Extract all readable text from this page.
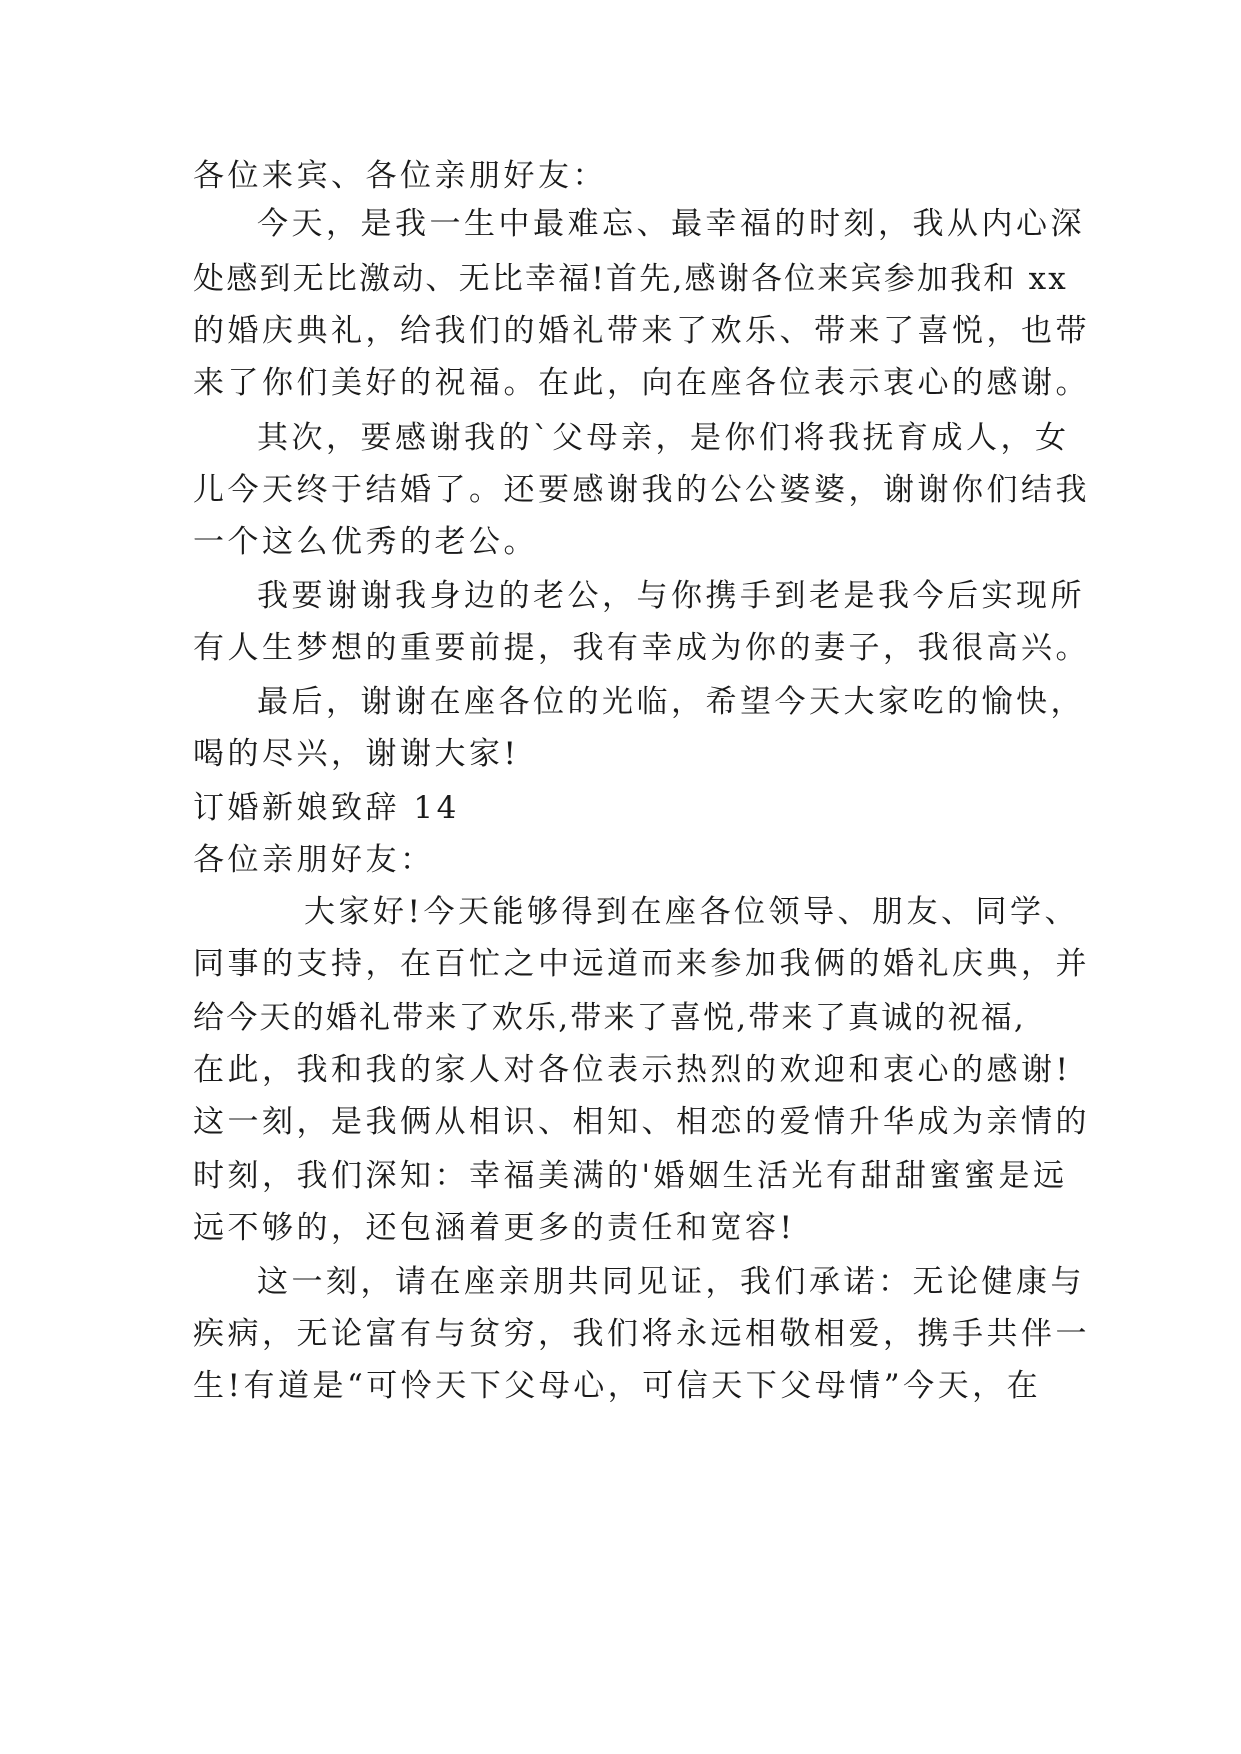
各位来宾、各位亲朋好友：
今天，是我一生中最难忘、最幸福的时刻，我从内心深
处感到无比激动、无比幸福!首先,感谢各位来宾参加我和 xx
的婚庆典礼，给我们的婚礼带来了欢乐、带来了喜悦，也带
来了你们美好的祝福。在此，向在座各位表示衷心的感谢。
其次，要感谢我的`父母亲，是你们将我抚育成人，女
儿今天终于结婚了。还要感谢我的公公婆婆，谢谢你们结我
一个这么优秀的老公。
我要谢谢我身边的老公，与你携手到老是我今后实现所
有人生梦想的重要前提，我有幸成为你的妻子，我很高兴。
最后，谢谢在座各位的光临，希望今天大家吃的愉快，
喝的尽兴，谢谢大家!
订婚新娘致辞 14
各位亲朋好友：
大家好!今天能够得到在座各位领导、朋友、同学、
同事的支持，在百忙之中远道而来参加我俩的婚礼庆典，并
给今天的婚礼带来了欢乐,带来了喜悦,带来了真诚的祝福,
在此，我和我的家人对各位表示热烈的欢迎和衷心的感谢!
这一刻，是我俩从相识、相知、相恋的爱情升华成为亲情的
时刻，我们深知：幸福美满的'婚姻生活光有甜甜蜜蜜是远
远不够的，还包涵着更多的责任和宽容!
这一刻，请在座亲朋共同见证，我们承诺：无论健康与
疾病，无论富有与贫穷，我们将永远相敬相爱，携手共伴一
生!有道是“可怜天下父母心，可信天下父母情”今天，在
